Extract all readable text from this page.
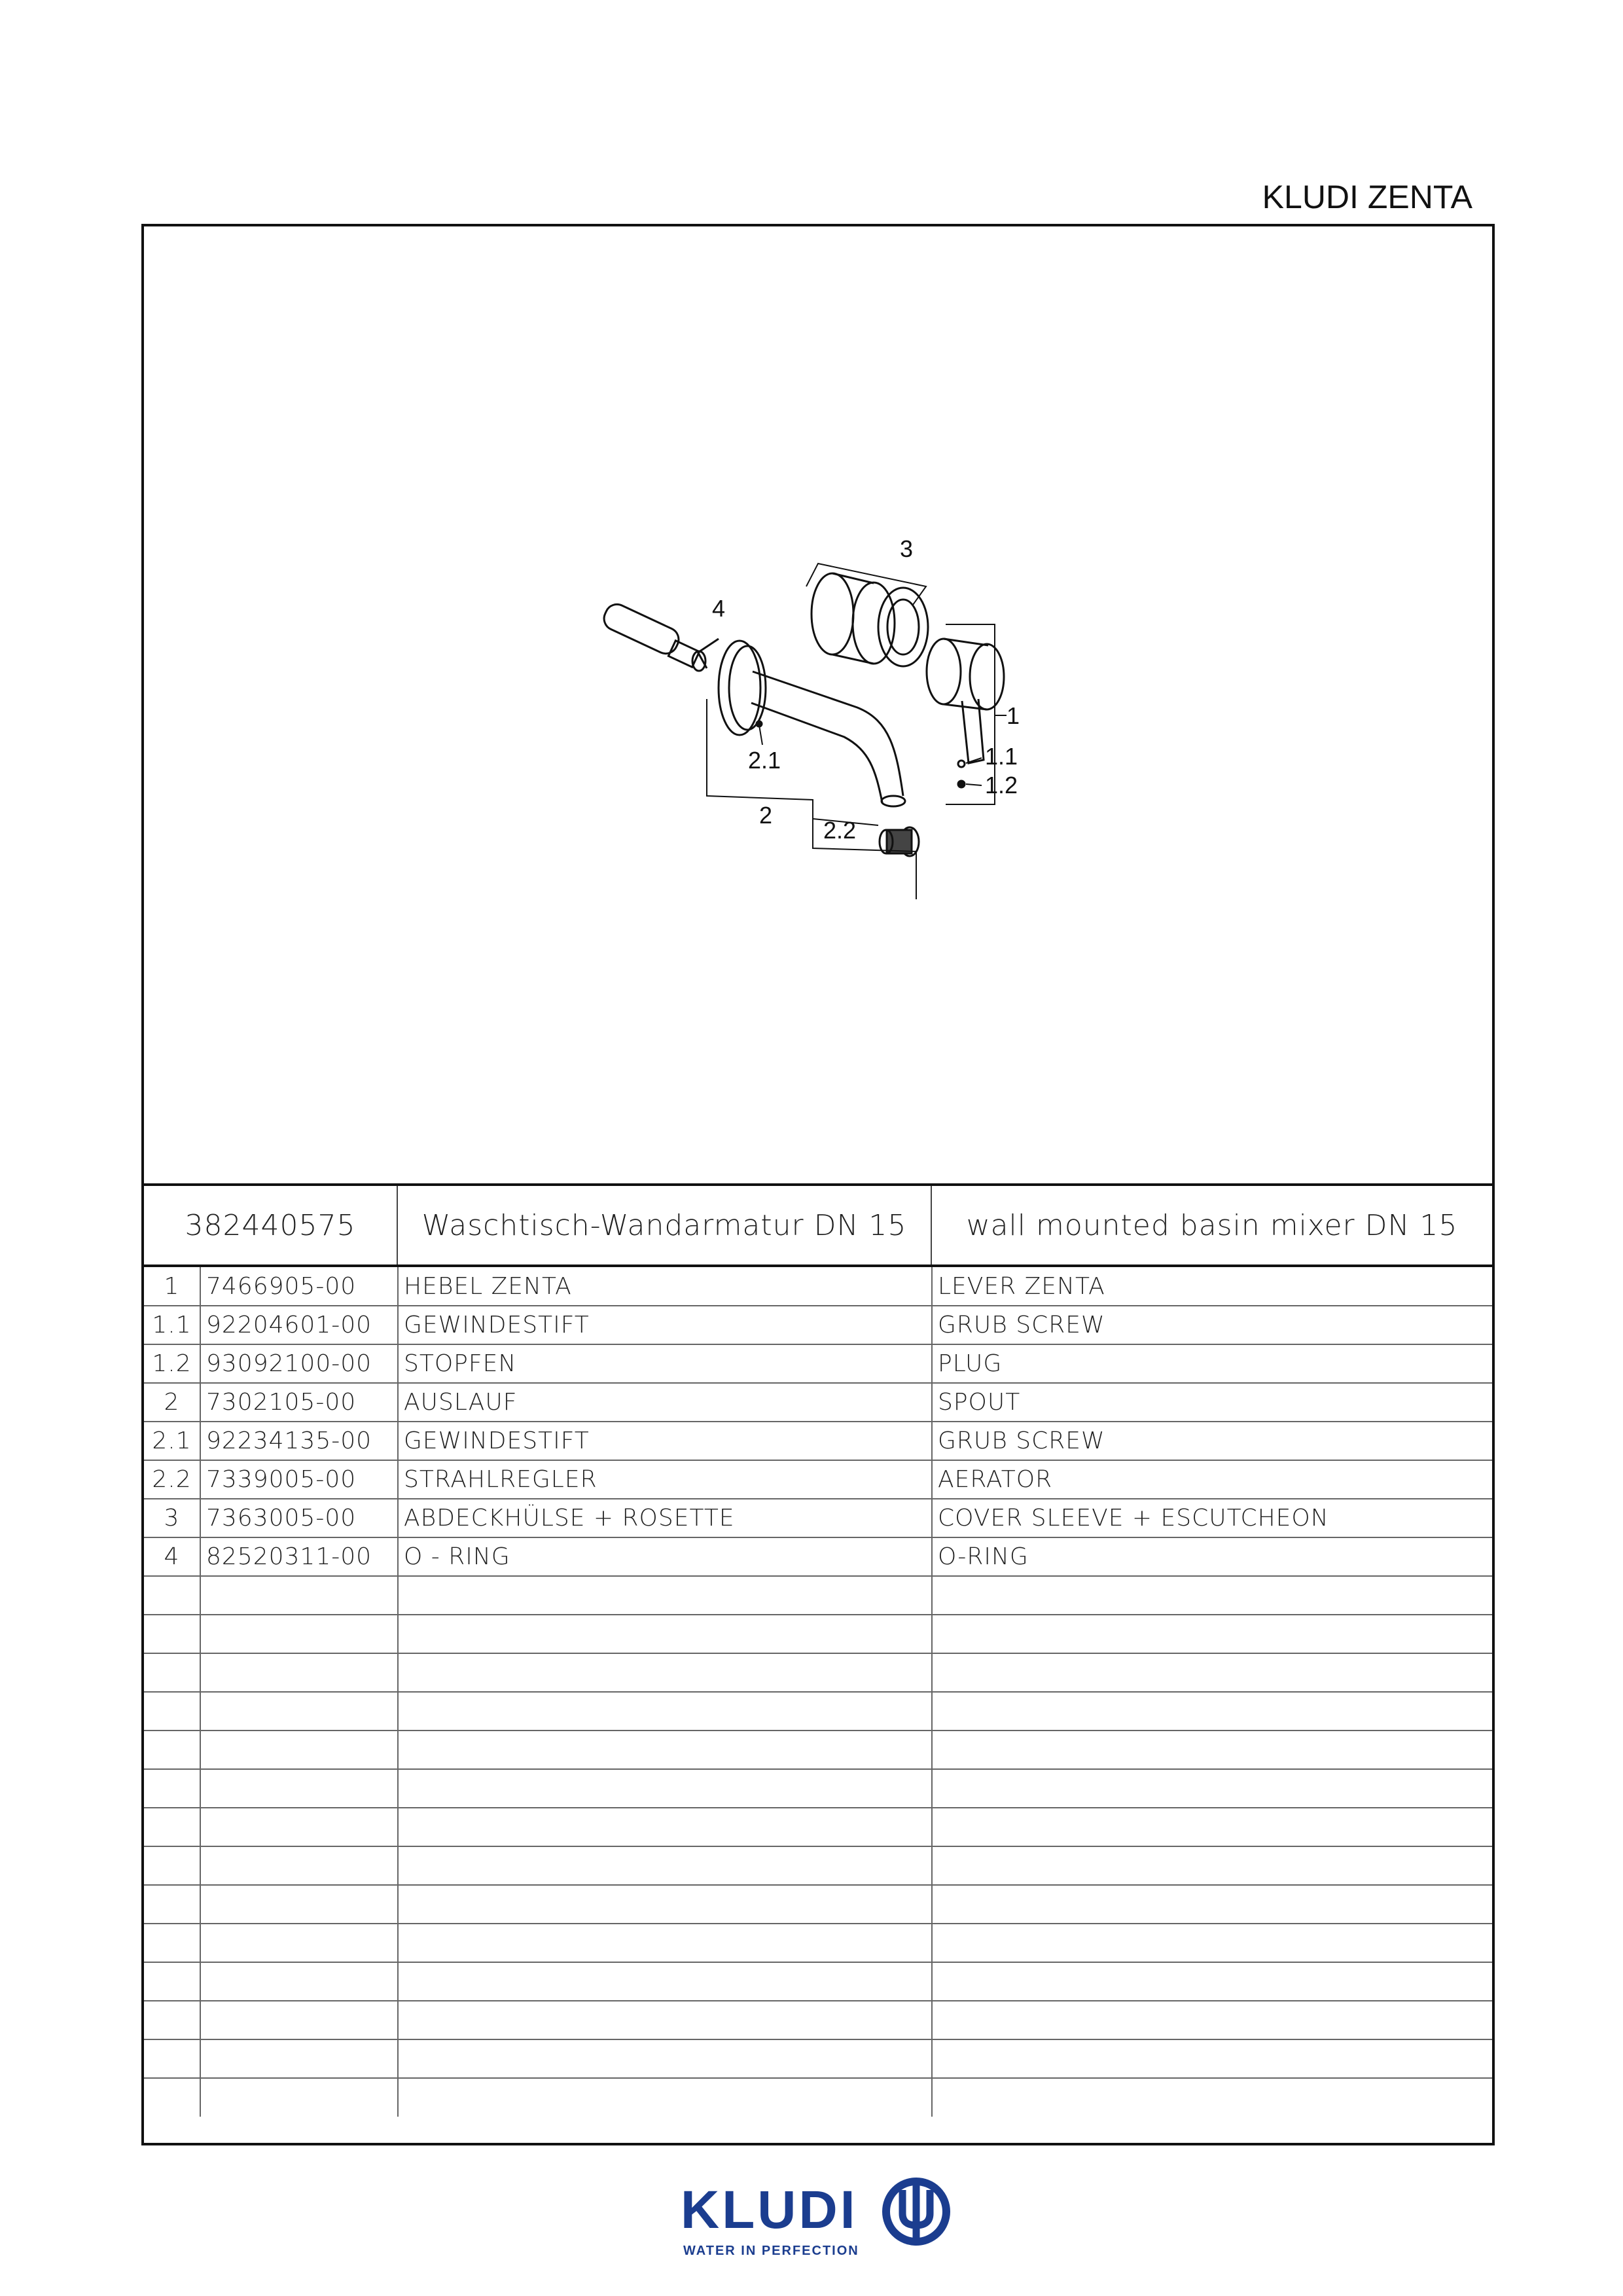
KLUDI ZENTA
3
4
1
1.1
1.2
2.1
2
2.2
382440575	Waschtisch-Wandarmatur DN 15	wall mounted basin mixer DN 15
1	7466905-00	HEBEL ZENTA	LEVER ZENTA
1.1	92204601-00	GEWINDESTIFT	GRUB SCREW
1.2	93092100-00	STOPFEN	PLUG
2	7302105-00	AUSLAUF	SPOUT
2.1	92234135-00	GEWINDESTIFT	GRUB SCREW
2.2	7339005-00	STRAHLREGLER	AERATOR
3	7363005-00	ABDECKHÜLSE + ROSETTE	COVER SLEEVE + ESCUTCHEON
4	82520311-00	O - RING	O-RING

KLUDI
WATER IN PERFECTION
